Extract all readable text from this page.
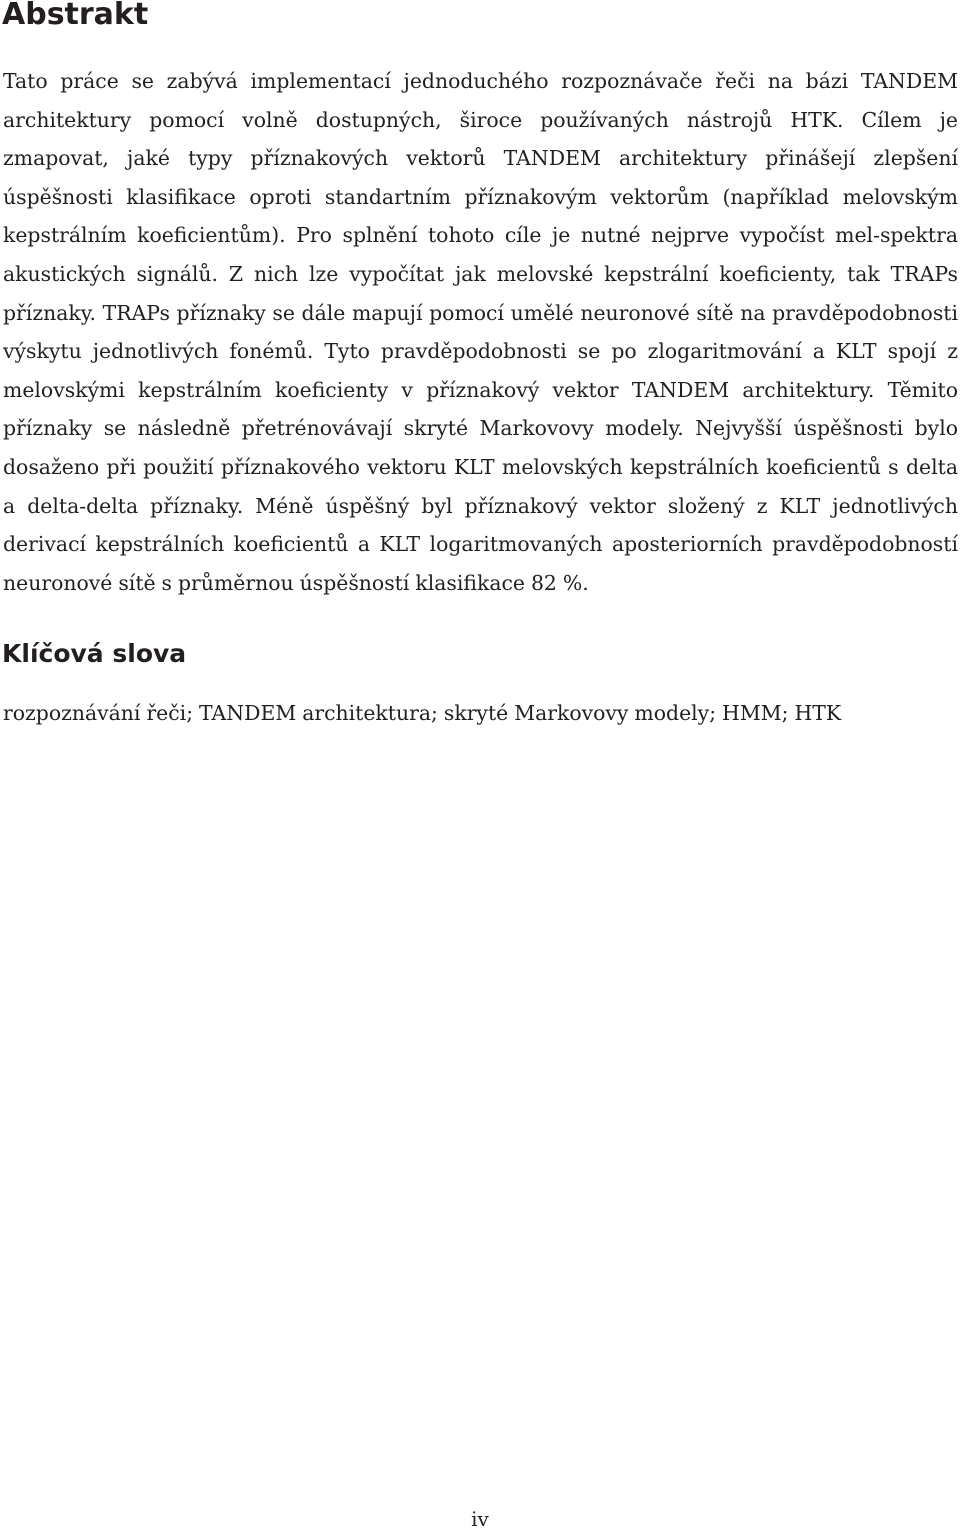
Abstrakt

Tato práce se zabývá implementací jednoduchého rozpoznávače řeči na bázi TANDEM architektury pomocí volně dostupných, široce používaných nástrojů HTK. Cílem je zmapovat, jaké typy příznakových vektorů TANDEM architektury přinášejí zlepšení úspěšnosti klasifikace oproti standartním příznakovým vektorům (například melovským kepstrálním koeficientům). Pro splnění tohoto cíle je nutné nejprve vypočíst mel-spektra akustických signálů. Z nich lze vypočítat jak melovské kepstrální koeficienty, tak TRAPs příznaky. TRAPs příznaky se dále mapují pomocí umělé neuronové sítě na pravděpodobnosti výskytu jednotlivých fonémů. Tyto pravděpodobnosti se po zlogaritmování a KLT spojí z melovskými kepstrálním koeficienty v příznakový vektor TANDEM architektury. Těmito příznaky se následně přetrénovávají skryté Markovovy modely. Nejvyšší úspěšnosti bylo dosaženo při použití příznakového vektoru KLT melovských kepstrálních koeficientů s delta a delta-delta příznaky. Méně úspěšný byl příznakový vektor složený z KLT jednotlivých derivací kepstrálních koeficientů a KLT logaritmovaných aposteriorních pravděpodobností neuronové sítě s průměrnou úspěšností klasifikace 82 %.

Klíčová slova

rozpoznávání řeči; TANDEM architektura; skryté Markovovy modely; HMM; HTK

iv
